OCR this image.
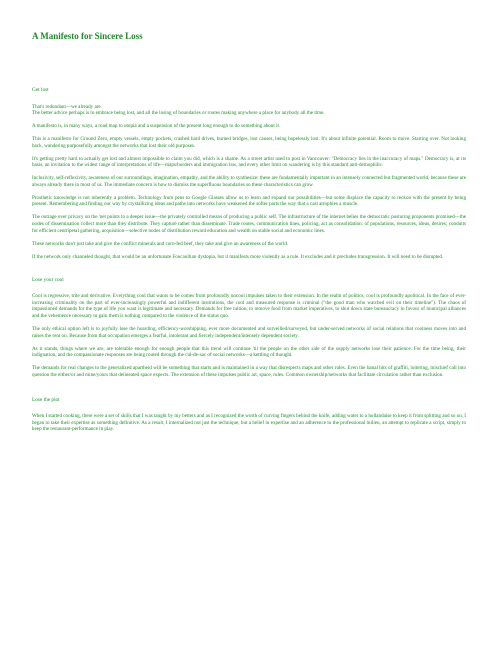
A Manifesto for Sincere Loss

Get lost

That's redundant—we already are.
The better advice perhaps is to embrace being lost, and all the losing of boundaries or routes making anywhere a place for anybody all the time.

A manifesto is, in many ways, a road map to utopia and a suspension of the present long enough to do something about it.

This is a manifesto for Ground Zero, empty vessels, empty pockets, crashed hard drives, burned bridges, lost causes, being hopelessly lost. It's about infinite potential. Room to move. Starting over. Not looking back, wandering purposefully amongst the networks that lost their old purposes.

It's getting pretty hard to actually get lost and almost impossible to claim you did, which is a shame. As a street artist used to post in Vancouver: "Democracy lies in the inaccuracy of maps." Democracy is, at its basis, an invitation to the widest range of interpretations of life—maps/borders and immigration law, and every other limit on wandering is by this standard anti-demophilic.

Inclusivity, self-reflexivity, awareness of our surroundings, imagination, empathy, and the ability to synthesize: these are fundamentally important in an intensely connected but fragmented world, because these are always already there in most of us. The immediate concern is how to dismiss the superfluous boundaries so these characteristics can grow.

Prosthetic knowledge is not inherently a problem. Technology from pens to Google Glasses allow us to learn and expand our possibilities—but some displace the capacity to reckon with the present by being present. Remembering and finding our way by crystallizing ideas and paths into networks have weakened the softer parts the way that a cast atrophies a muscle.

The outrage over privacy on the 'net points to a deeper issue—the privately controlled means of producing a public self. The infrastructure of the internet belies the democratic posturing proponents promised—the nodes of dissemination collect more than they distribute. They capture rather than disseminate. Trade routes, communication lines, policing, act as consolidation: of populations, resources, ideas, desires; conduits for efficient centripetal gathering, acquisition—selective nodes of distribution reward education and wealth on stable social and economic lines.

These networks don't just take and give the conflict minerals and corn-fed beef, they take and give an awareness of the world.

If the network only channeled thought, that would be an unfortunate Foucaultian dystopia, but it manifests more violently as a rule. It excludes and it precludes transgression. It will need to be disrupted.

Lose your cool

Cool is regressive, trite and derivative. Everything cool that wants to be comes from profoundly uncool impulses taken to their extension. In the realm of politics, cool is profoundly apolitical. In the face of ever-increasing criminality on the part of ever-increasingly powerful and indifferent institutions, the cool and measured response is criminal ("the good man who watched evil on their timeline"). The chaos of impassioned demands for the type of life you want is legitimate and necessary. Demands for free tuition, to remove food from market imperatives, to shut down state bureaucracy in favour of municipal alliances and the vehemence necessary to gain them is nothing compared to the violence of the status quo.

The only ethical option left is to joyfully lose the hoarding, efficiency-worshipping, ever more documented and surveilled/surveyed, but under-served networks of social relations that coolness moves into and raises the rent on. Because from that occupation emerges a fearful, intolerant and fiercely independent/intensely dependent society.

As it stands, things where we are, are tolerable enough for enough people that this trend will continue 'til the people on the other side of the supply networks lose their patience. For the time being, their indignation, and the compassionate responses are being routed through the cul-de-sac of social networks—a kettling of thought.

The demands for real changes to the generalized apartheid will be something that starts and is maintained in a way that disrespects maps and other rules. Even the banal bits of graffiti, loitering, mischief call into question the either/or and mine/yours that delineated space expects. The extension of these impulses public art, space, rules. Common ownership/networks that facilitate circulation rather than exclusion.

Lose the plot

When I started cooking, there were a set of skills that I was taught by my betters and as I recognized the worth of curving fingers behind the knife, adding water to a hollandaise to keep it from splitting and so on, I began to take their expertise as something definitive. As a result, I internalized not just the technique, but a belief in expertise and an adherence to the professional milieu, an attempt to replicate a script, simply to keep the restaurant-performance in play.
